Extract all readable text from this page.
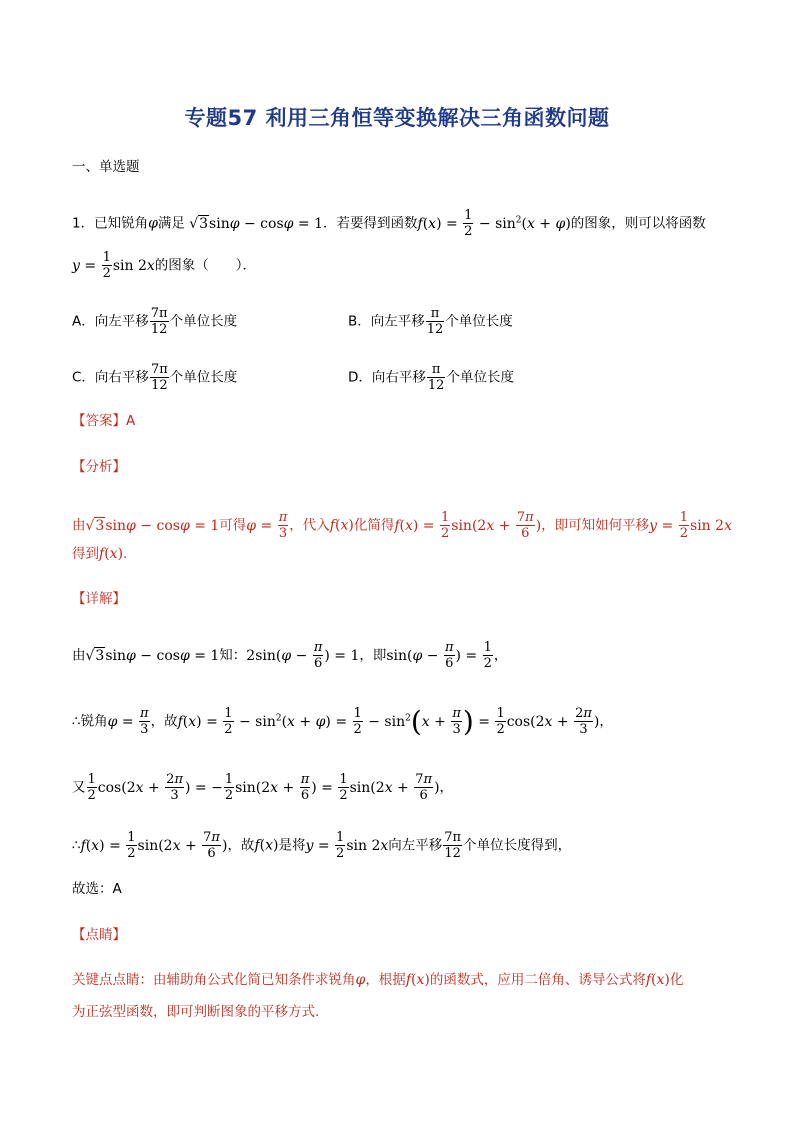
专题57 利用三角恒等变换解决三角函数问题
一、单选题
1．已知锐角φ满足 √3sinφ − cosφ = 1．若要得到函数$f(x) = \frac{1}{2} - \sin^2(x + \varphi)$的图象，则可以将函数
$y = \frac{1}{2}$ sin 2x的图象（　　）．
A．向左平移 $\frac{7\pi}{12}$ 个单位长度	B．向左平移 $\frac{\pi}{12}$ 个单位长度
C．向右平移 $\frac{7\pi}{12}$ 个单位长度	D．向右平移 $\frac{\pi}{12}$ 个单位长度
【答案】A
【分析】
由√3sinφ − cosφ = 1可得$\varphi = \frac{\pi}{3}$ ，代入f(x)化简得$f(x) = \frac{1}{2} \sin(2x + \frac{7\pi}{6}$ )，即可知如何平移$y = \frac{1}{2}$ sin 2x
得到f(x).
【详解】
由√3sinφ − cosφ = 1知：$2\sin(\varphi - \frac{\pi}{6}$ ) = 1，即$\sin(\varphi - \frac{\pi}{6}$ ) = $\frac{1}{2}$ ，
∴锐角$\varphi = \frac{\pi}{3}$ ，故$f(x) = \frac{1}{2} - \sin^2(x + \varphi) = \frac{1}{2} - \sin^2(x + \frac{\pi}{3}$ ) = $\frac{1}{2} \cos(2x + \frac{2\pi}{3}$ )，
又 $\frac{1}{2} \cos(2x + \frac{2\pi}{3}$ ) = − $\frac{1}{2} \sin(2x + \frac{\pi}{6}$ ) = $\frac{1}{2} \sin(2x + \frac{7\pi}{6}$ )，
∴f(x) = $\frac{1}{2} \sin(2x + \frac{7\pi}{6}$ )，故f(x)是将$y = \frac{1}{2}$ sin 2x向左平移 $\frac{7\pi}{12}$ 个单位长度得到，
故选：A
【点睛】
关键点点睛：由辅助角公式化简已知条件求锐角φ，根据f(x)的函数式，应用二倍角、诱导公式将f(x)化
为正弦型函数，即可判断图象的平移方式.
